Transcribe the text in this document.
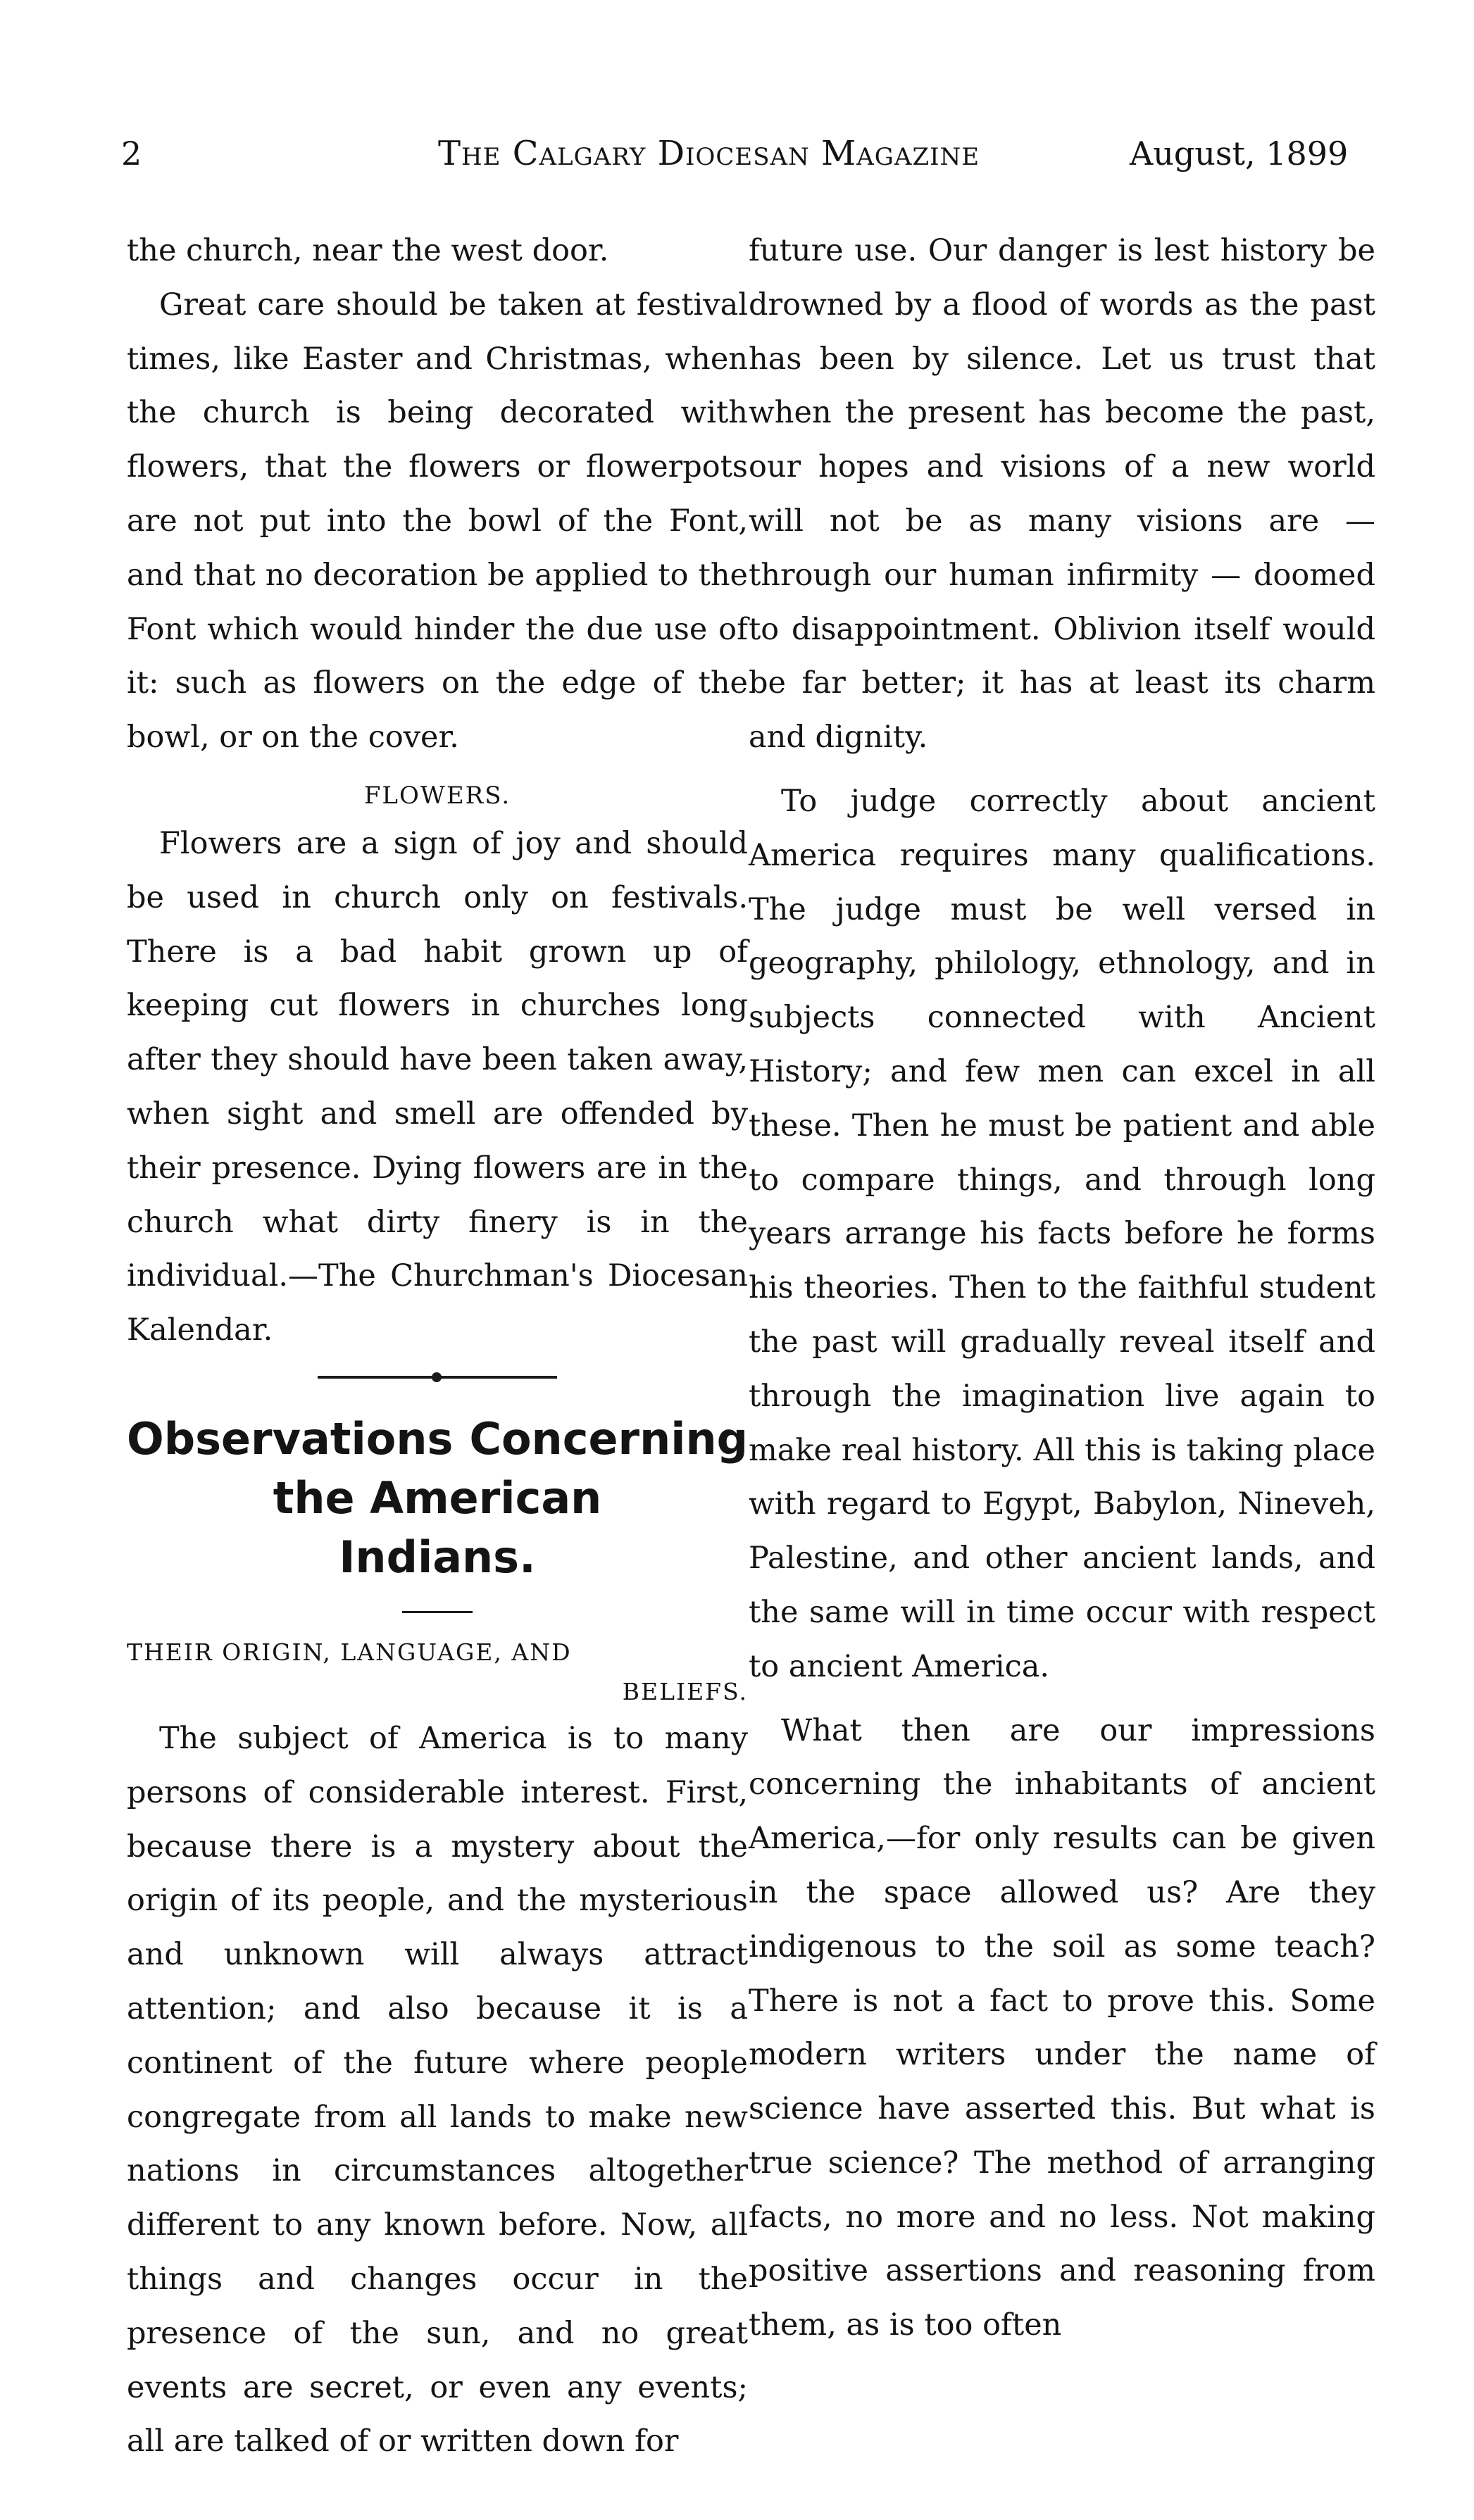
2	The Calgary Diocesan Magazine	August, 1899

the church, near the west door.

Great care should be taken at festival times, like Easter and Christmas, when the church is being decorated with flowers, that the flowers or flowerpots are not put into the bowl of the Font, and that no decoration be applied to the Font which would hinder the due use of it: such as flowers on the edge of the bowl, or on the cover.

FLOWERS.

Flowers are a sign of joy and should be used in church only on festivals. There is a bad habit grown up of keeping cut flowers in churches long after they should have been taken away, when sight and smell are offended by their presence. Dying flowers are in the church what dirty finery is in the individual.—The Churchman's Diocesan Kalendar.

Observations Concerning
the American
Indians.
THEIR ORIGIN, LANGUAGE, AND
BELIEFS.

The subject of America is to many persons of considerable interest. First, because there is a mystery about the origin of its people, and the mysterious and unknown will always attract attention; and also because it is a continent of the future where people congregate from all lands to make new nations in circumstances altogether different to any known before. Now, all things and changes occur in the presence of the sun, and no great events are secret, or even any events; all are talked of or written down for

future use. Our danger is lest history be drowned by a flood of words as the past has been by silence. Let us trust that when the present has become the past, our hopes and visions of a new world will not be as many visions are — through our human infirmity — doomed to disappointment. Oblivion itself would be far better; it has at least its charm and dignity.

To judge correctly about ancient America requires many qualifications. The judge must be well versed in geography, philology, ethnology, and in subjects connected with Ancient History; and few men can excel in all these. Then he must be patient and able to compare things, and through long years arrange his facts before he forms his theories. Then to the faithful student the past will gradually reveal itself and through the imagination live again to make real history. All this is taking place with regard to Egypt, Babylon, Nineveh, Palestine, and other ancient lands, and the same will in time occur with respect to ancient America.

What then are our impressions concerning the inhabitants of ancient America,—for only results can be given in the space allowed us? Are they indigenous to the soil as some teach? There is not a fact to prove this. Some modern writers under the name of science have asserted this. But what is true science? The method of arranging facts, no more and no less. Not making positive assertions and reasoning from them, as is too often
